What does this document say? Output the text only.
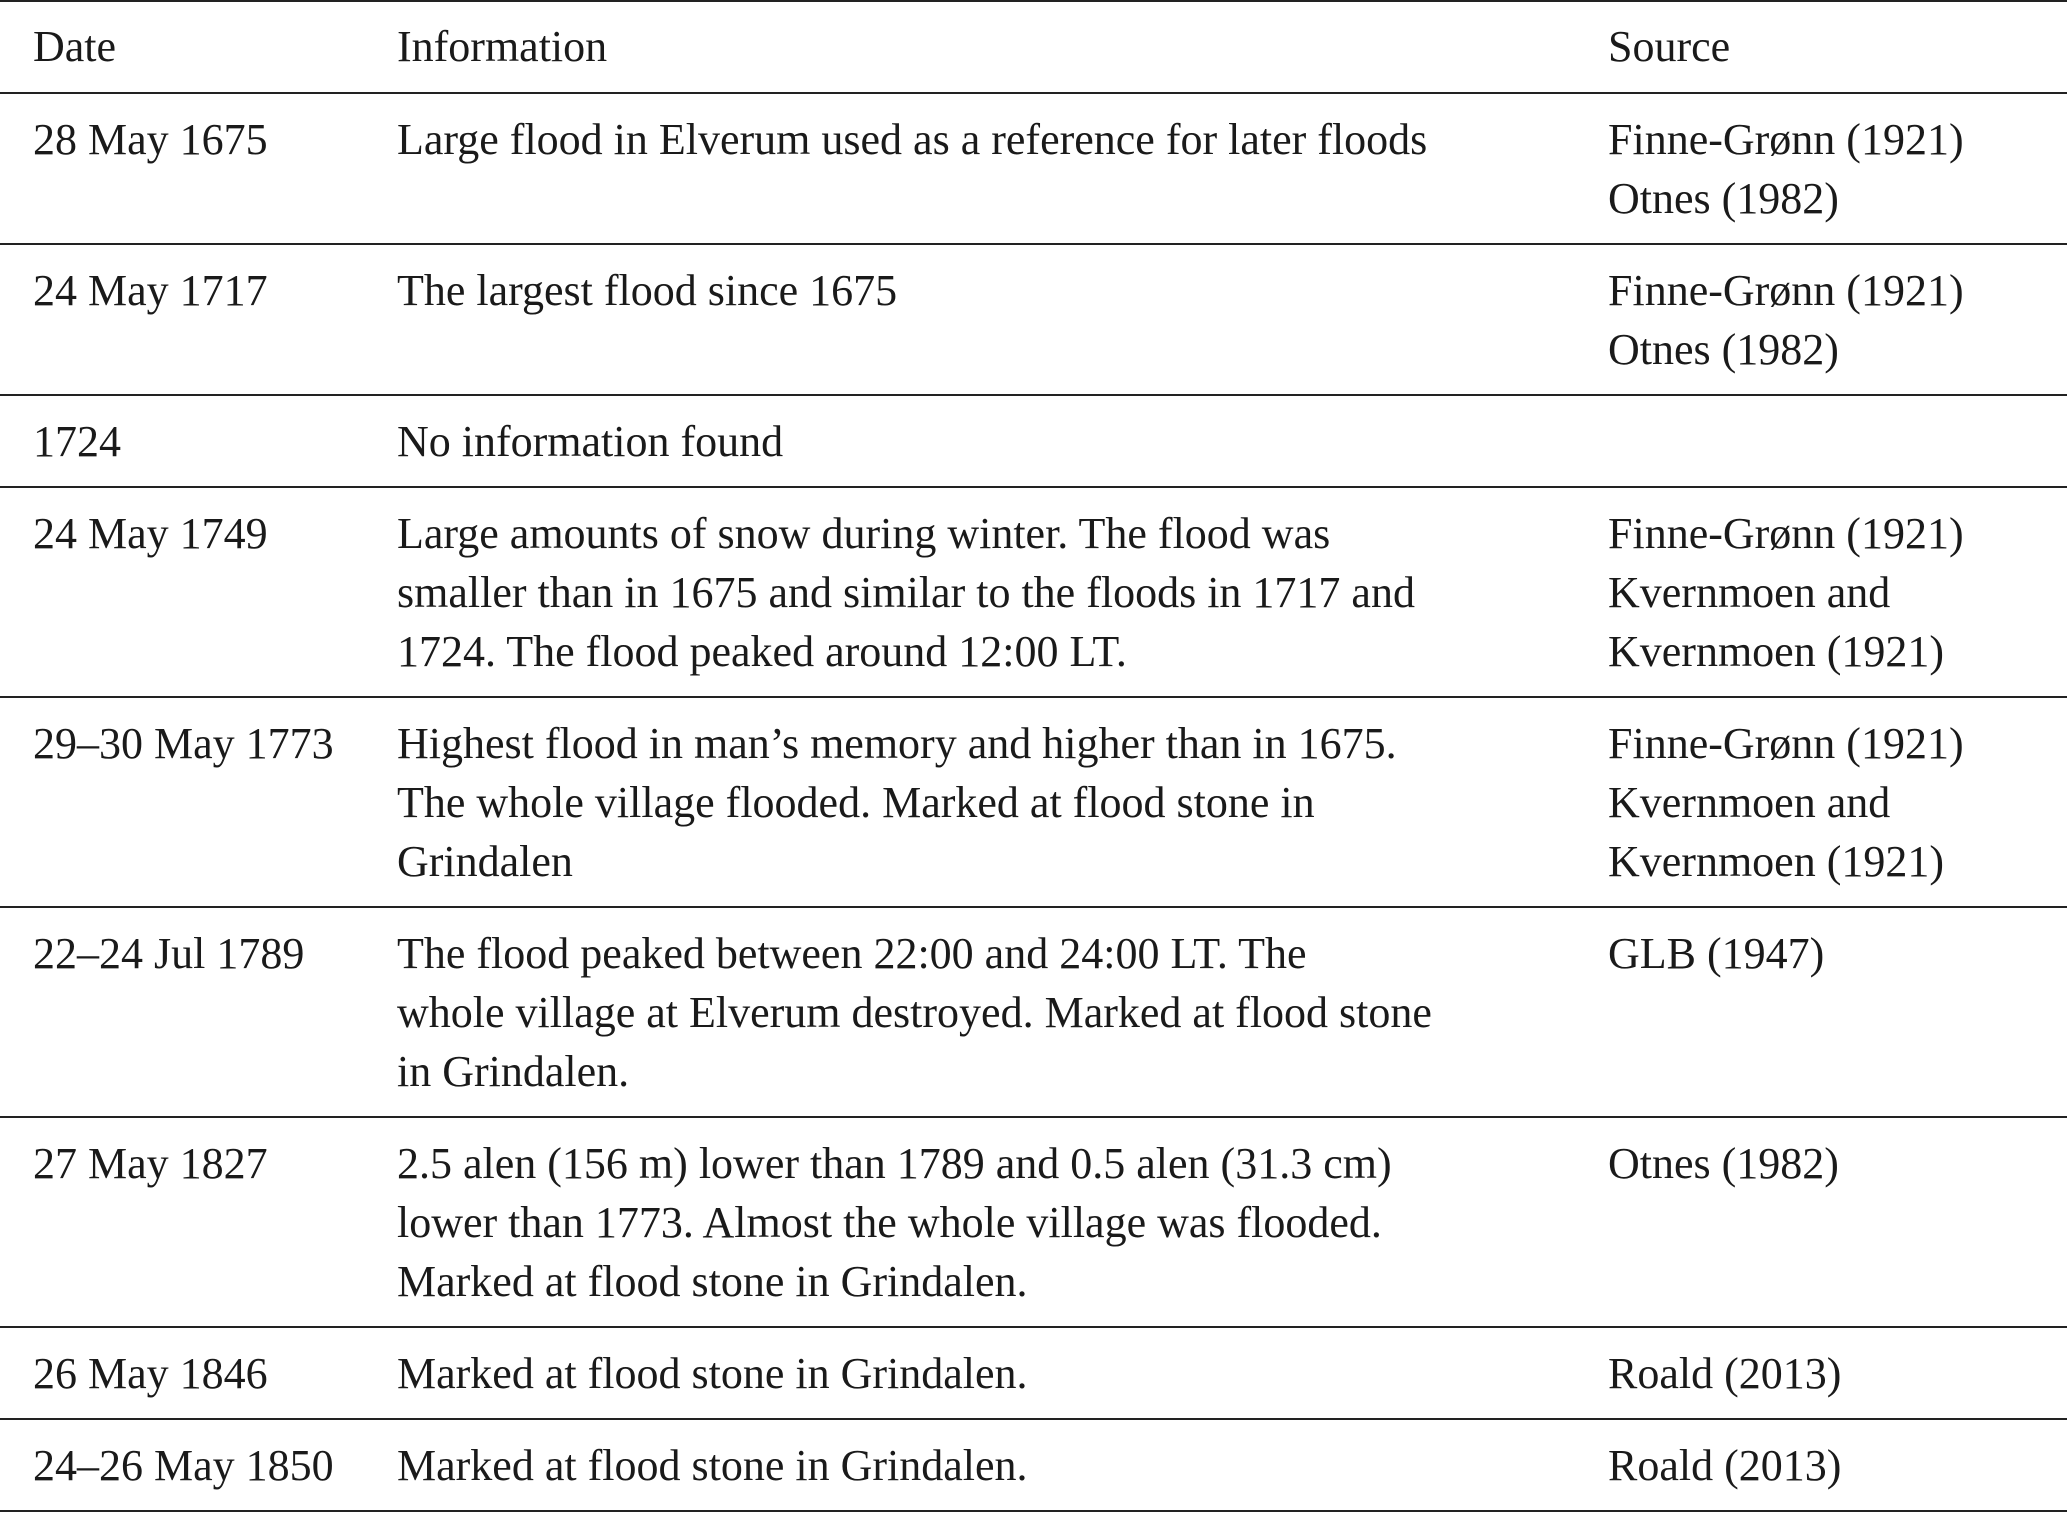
Date	Information	Source
28 May 1675	Large flood in Elverum used as a reference for later floods	Finne-Grønn (1921)
Otnes (1982)

24 May 1717	The largest flood since 1675	Finne-Grønn (1921)
Otnes (1982)

1724	No information found	

24 May 1749	Large amounts of snow during winter. The flood was
smaller than in 1675 and similar to the floods in 1717 and
1724. The flood peaked around 12:00 LT.	Finne-Grønn (1921)
Kvernmoen and
Kvernmoen (1921)

29–30 May 1773	Highest flood in man’s memory and higher than in 1675.
The whole village flooded. Marked at flood stone in
Grindalen	Finne-Grønn (1921)
Kvernmoen and
Kvernmoen (1921)

22–24 Jul 1789	The flood peaked between 22:00 and 24:00 LT. The
whole village at Elverum destroyed. Marked at flood stone
in Grindalen.	GLB (1947)

27 May 1827	2.5 alen (156 m) lower than 1789 and 0.5 alen (31.3 cm)
lower than 1773. Almost the whole village was flooded.
Marked at flood stone in Grindalen.	Otnes (1982)

26 May 1846	Marked at flood stone in Grindalen.	Roald (2013)

24–26 May 1850	Marked at flood stone in Grindalen.	Roald (2013)
